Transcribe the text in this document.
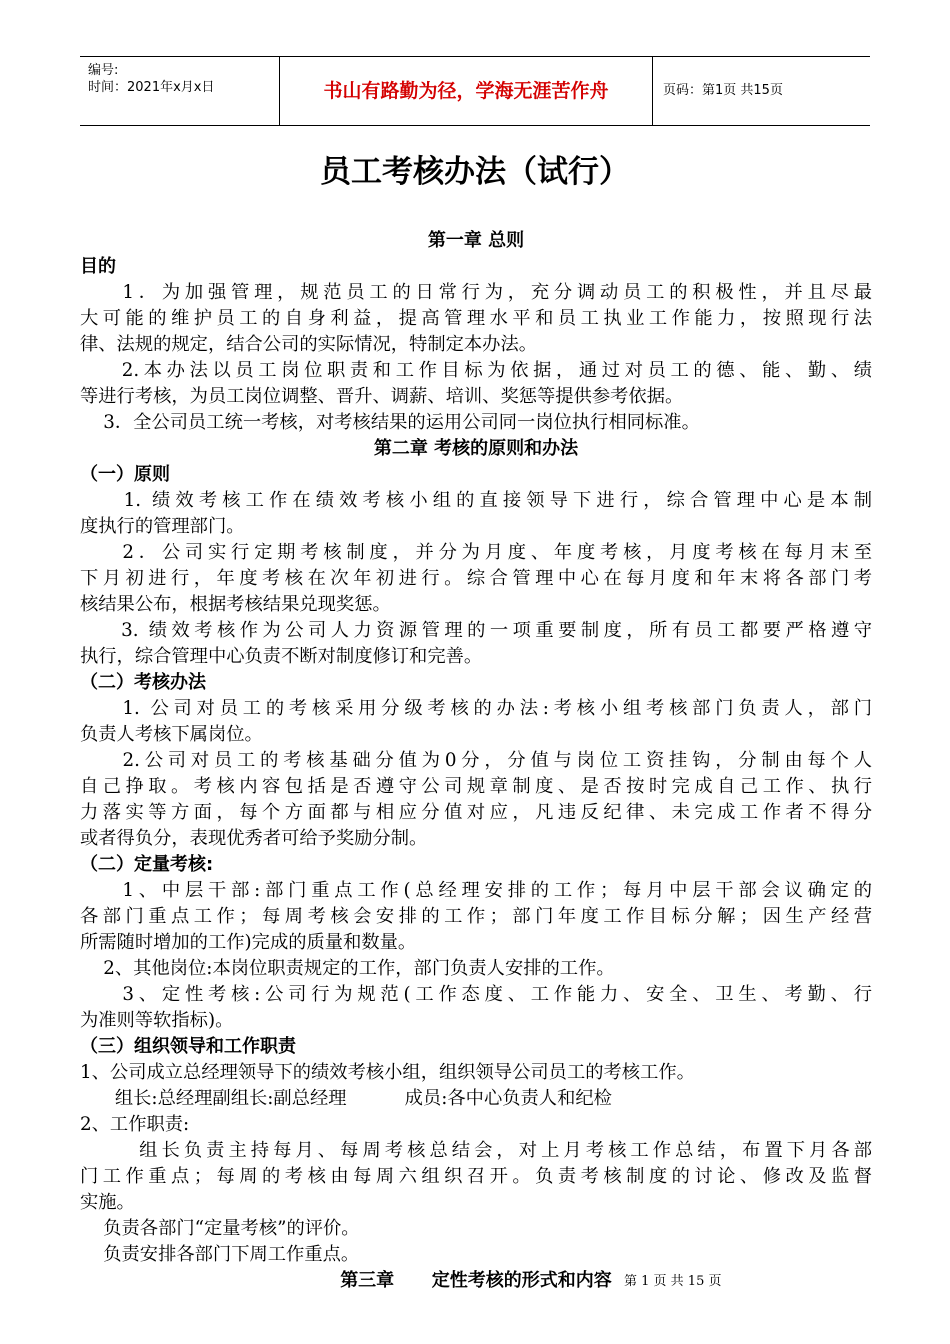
编号:
时间：2021年x月x日	书山有路勤为径，学海无涯苦作舟	页码：第1页 共15页
员工考核办法（试行）
第一章 总则
目的
1．为加强管理，规范员工的日常行为，充分调动员工的积极性，并且尽最
大可能的维护员工的自身利益，提高管理水平和员工执业工作能力，按照现行法
律、法规的规定，结合公司的实际情况，特制定本办法。
2.本办法以员工岗位职责和工作目标为依据，通过对员工的德、能、勤、绩
等进行考核，为员工岗位调整、晋升、调薪、培训、奖惩等提供参考依据。
3．全公司员工统一考核，对考核结果的运用公司同一岗位执行相同标准。
第二章 考核的原则和办法
（一）原则
1. 绩效考核工作在绩效考核小组的直接领导下进行，综合管理中心是本制
度执行的管理部门。
2．公司实行定期考核制度，并分为月度、年度考核，月度考核在每月末至
下月初进行，年度考核在次年初进行。综合管理中心在每月度和年末将各部门考
核结果公布，根据考核结果兑现奖惩。
3. 绩效考核作为公司人力资源管理的一项重要制度，所有员工都要严格遵守
执行，综合管理中心负责不断对制度修订和完善。
（二）考核办法
1. 公司对员工的考核采用分级考核的办法:考核小组考核部门负责人，部门
负责人考核下属岗位。
2.公司对员工的考核基础分值为0分，分值与岗位工资挂钩，分制由每个人
自己挣取。考核内容包括是否遵守公司规章制度、是否按时完成自己工作、执行
力落实等方面，每个方面都与相应分值对应，凡违反纪律、未完成工作者不得分
或者得负分，表现优秀者可给予奖励分制。
（二）定量考核:
1、中层干部:部门重点工作(总经理安排的工作；每月中层干部会议确定的
各部门重点工作；每周考核会安排的工作；部门年度工作目标分解；因生产经营
所需随时增加的工作)完成的质量和数量。
2、其他岗位:本岗位职责规定的工作，部门负责人安排的工作。
3、定性考核:公司行为规范(工作态度、工作能力、安全、卫生、考勤、行
为准则等软指标)。
（三）组织领导和工作职责
1、公司成立总经理领导下的绩效考核小组，组织领导公司员工的考核工作。
组长:总经理副组长:副总经理          成员:各中心负责人和纪检
2、工作职责:
组长负责主持每月、每周考核总结会，对上月考核工作总结，布置下月各部
门工作重点；每周的考核由每周六组织召开。负责考核制度的讨论、修改及监督
实施。
负责各部门“定量考核”的评价。
负责安排各部门下周工作重点。
第三章      定性考核的形式和内容 第 1 页 共 15 页
